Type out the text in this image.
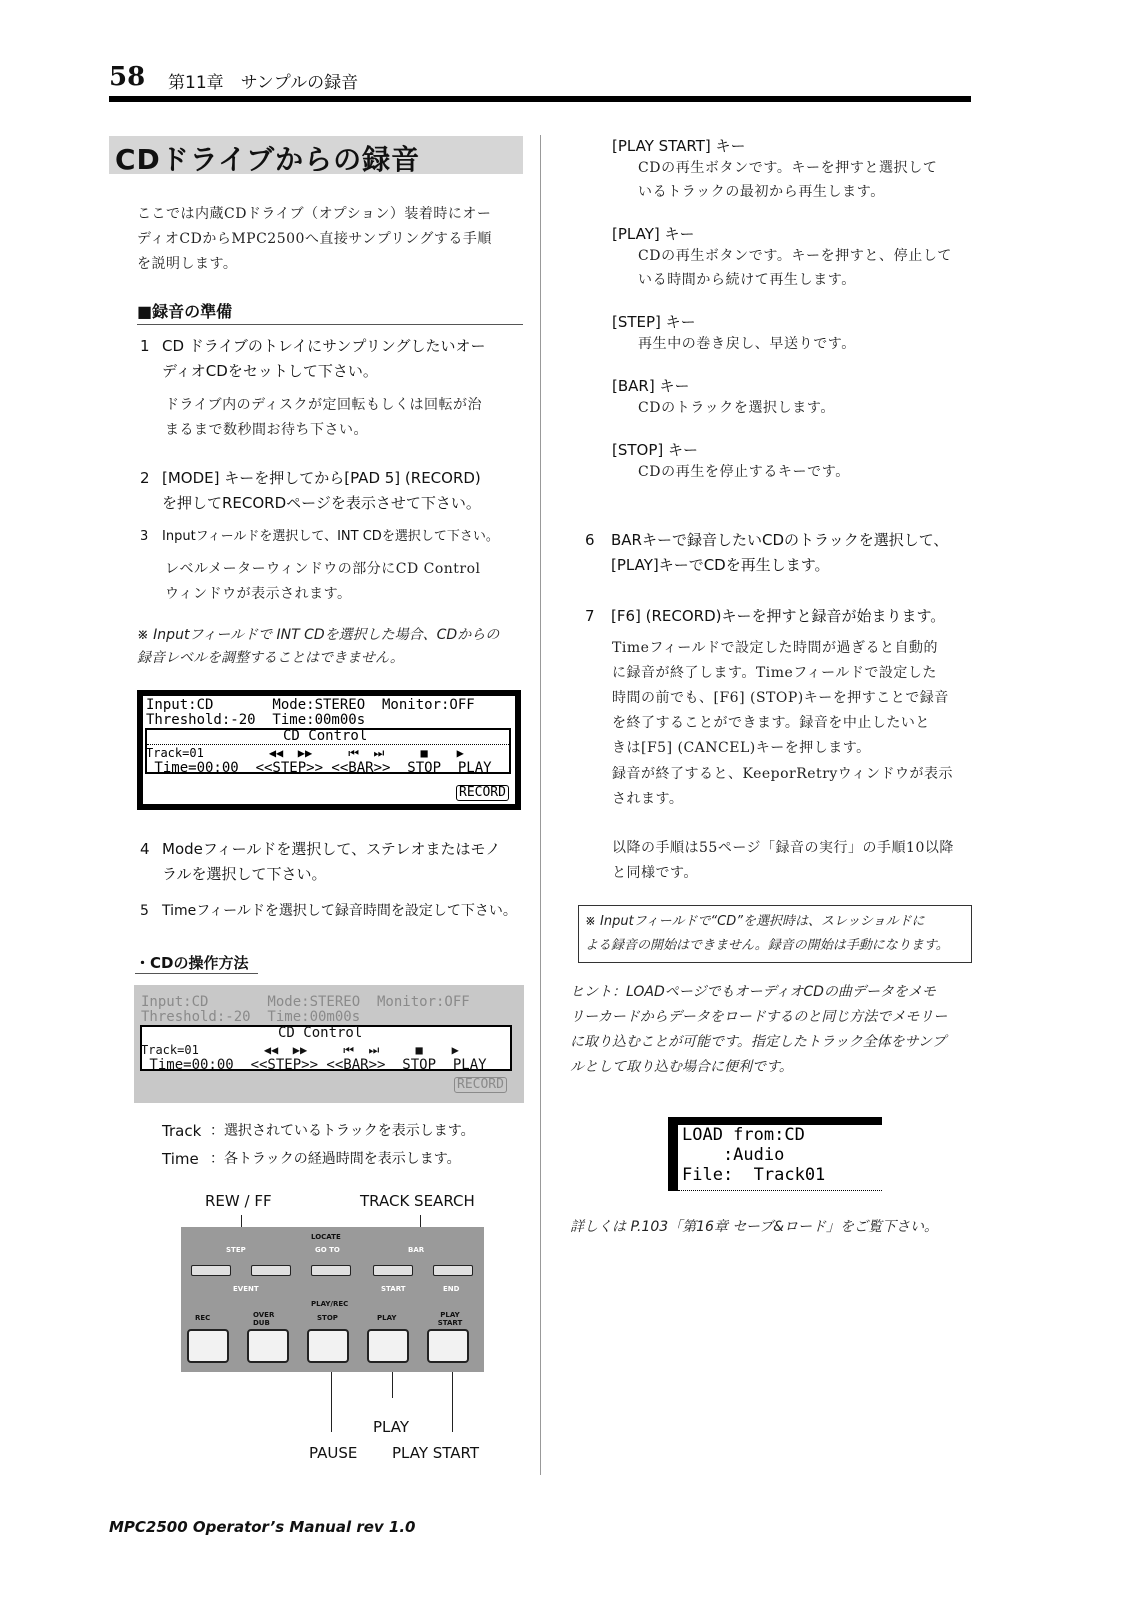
58 第11章　サンプルの録音
CDドライブからの録音
ここでは内蔵CDドライブ（オプション）装着時にオー
ディオCDからMPC2500へ直接サンプリングする手順
を説明します。
■録音の準備
1 CD ドライブのトレイにサンプリングしたいオー
ディオCDをセットして下さい。
ドライブ内のディスクが定回転もしくは回転が治
まるまで数秒間お待ち下さい。
2 [MODE] キーを押してから[PAD 5] (RECORD)
を押してRECORDページを表示させて下さい。
3	Inputフィールドを選択して、INT CDを選択して下さい。
レベルメーターウィンドウの部分にCD Control
ウィンドウが表示されます。
※ Inputフィールドで INT CDを選択した場合、CDからの
録音レベルを調整することはできません。
Input:CD       Mode:STEREO  Monitor:OFF
Threshold:-20  Time:00m00s
CD Control
Track=01         ◀◀  ▶▶     ⏮  ⏭     ■    ▶
Time=00:00  <<STEP>> <<BAR>>  STOP  PLAY
RECORD
4 Modeフィールドを選択して、ステレオまたはモノ
ラルを選択して下さい。
5 Timeフィールドを選択して録音時間を設定して下さい。
・CDの操作方法
Input:CD       Mode:STEREO  Monitor:OFF
Threshold:-20  Time:00m00s
CD Control
Track=01         ◀◀  ▶▶     ⏮  ⏭     ■    ▶
Time=00:00  <<STEP>> <<BAR>>  STOP  PLAY
RECORD
Track ：選択されているトラックを表示します。
Time ：各トラックの経過時間を表示します。
REW / FF	TRACK SEARCH
LOCATE
STEP	GO TO	BAR
EVENT	START	END
PLAY/REC
REC	OVER DUB
STOP	PLAY	PLAY START
PLAY
PAUSE PLAY START
[PLAY START] キー
CDの再生ボタンです。キーを押すと選択して
いるトラックの最初から再生します。
[PLAY] キー
CDの再生ボタンです。キーを押すと、停止して
いる時間から続けて再生します。
[STEP] キー
再生中の巻き戻し、早送りです。
[BAR] キー
CDのトラックを選択します。
[STOP] キー
CDの再生を停止するキーです。
6 BARキーで録音したいCDのトラックを選択して、
[PLAY]キーでCDを再生します。
7	[F6] (RECORD)キーを押すと録音が始まります。
Timeフィールドで設定した時間が過ぎると自動的
に録音が終了します。Timeフィールドで設定した
時間の前でも、[F6] (STOP)キーを押すことで録音
を終了することができます。録音を中止したいと
きは[F5] (CANCEL)キーを押します。
録音が終了すると、KeeporRetryウィンドウが表示
されます。
以降の手順は55ページ「録音の実行」の手順10以降
と同様です。
※ Inputフィールドで“CD”を選択時は、スレッショルドに
よる録音の開始はできません。録音の開始は手動になります。
ヒント：LOADページでもオーディオCDの曲データをメモ
リーカードからデータをロードするのと同じ方法でメモリー
に取り込むことが可能です。指定したトラック全体をサンプ
ルとして取り込む場合に便利です。
LOAD from:CD
:Audio
File:  Track01
詳しくは P.103「第16章 セーブ&ロード」をご覧下さい。
MPC2500 Operator’s Manual rev 1.0
